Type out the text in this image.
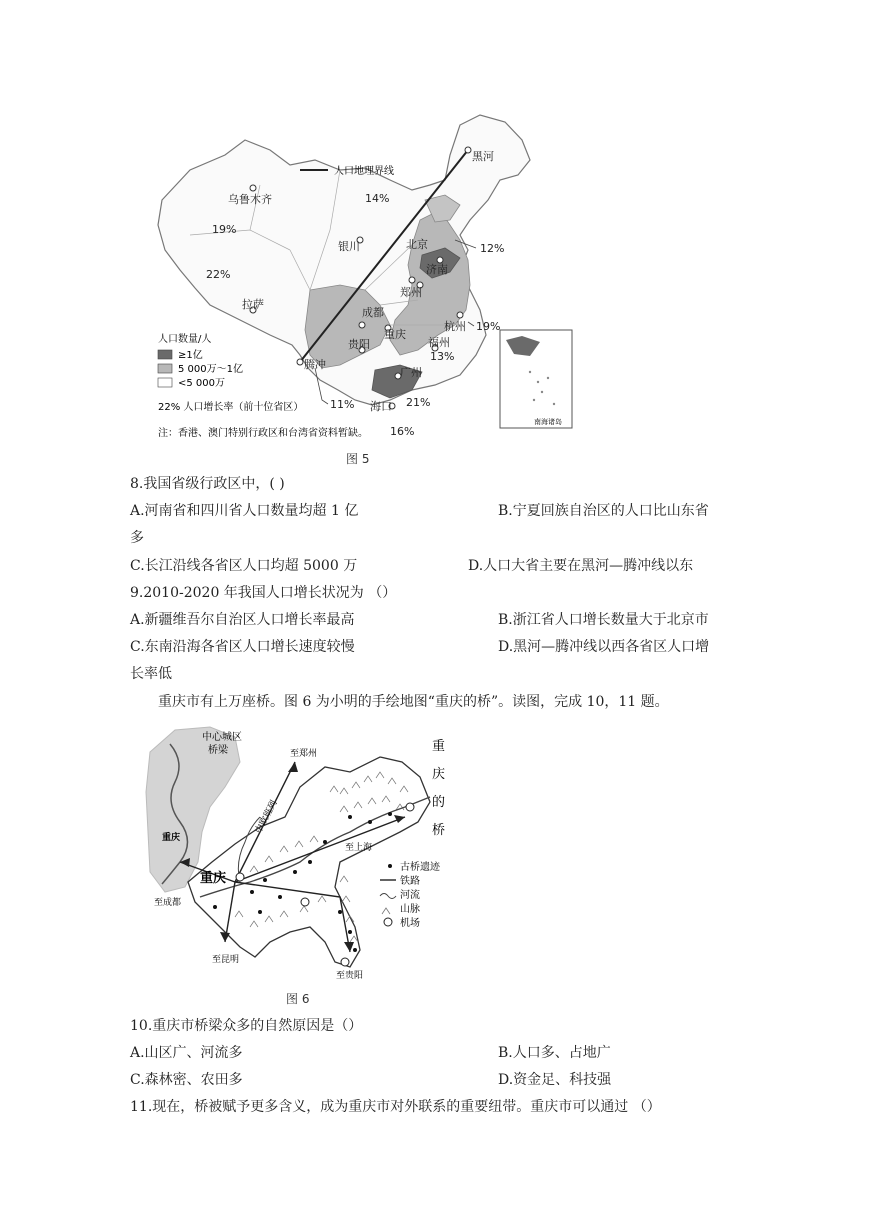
人口地理界线
黑河
乌鲁木齐
银川	北京
济南
郑州
拉萨
成都
重庆
杭州
贵阳	福州
腾冲
广州
海口
14%
19%
22%
12%
19%
13%
11%	21%
16%
人口数量/人
≥1亿
5 000万～1亿
<5 000万
22% 人口增长率（前十位省区）
注：香港、澳门特别行政区和台湾省资料暂缺。
南海诸岛
图 5
8.我国省级行政区中，( )
A.河南省和四川省人口数量均超 1 亿	B.宁夏回族自治区的人口比山东省
多
C.长江沿线各省区人口均超 5000 万	D.人口大省主要在黑河—腾冲线以东
9.2010-2020 年我国人口增长状况为 （）
A.新疆维吾尔自治区人口增长率最高	B.浙江省人口增长数量大于北京市
C.东南沿海各省区人口增长速度较慢	D.黑河—腾冲线以西各省区人口增
长率低
重庆市有上万座桥。图 6 为小明的手绘地图“重庆的桥”。读图，完成 10，11 题。
中心城区
桥梁
重庆
重庆
至郑州
中欧班列
至上海
至成都
至昆明
至贵阳
重
庆
的
桥
古桥遗迹
铁路
河流
山脉
机场
图 6
10.重庆市桥梁众多的自然原因是（）
A.山区广、河流多	B.人口多、占地广
C.森林密、农田多	D.资金足、科技强
11.现在，桥被赋予更多含义，成为重庆市对外联系的重要纽带。重庆市可以通过 （）
